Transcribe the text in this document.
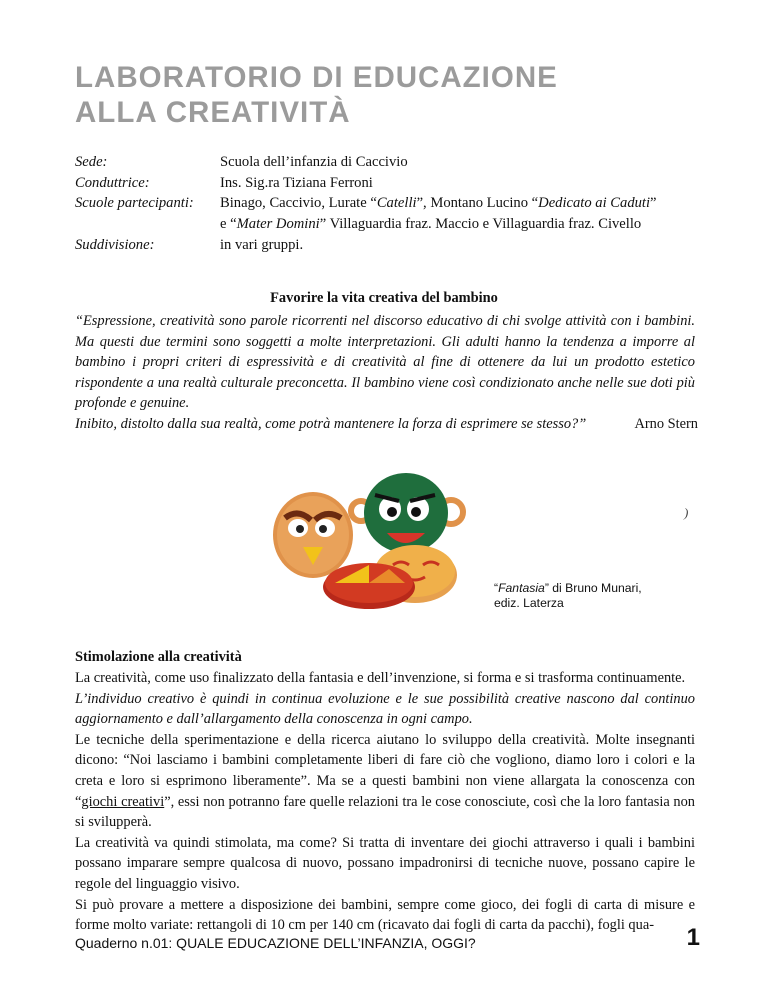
LABORATORIO DI EDUCAZIONE
ALLA CREATIVITÀ
Sede:	Scuola dell’infanzia di Caccivio
Conduttrice:	Ins. Sig.ra Tiziana Ferroni
Scuole partecipanti:	Binago, Caccivio, Lurate “Catelli”, Montano Lucino “Dedicato ai Caduti”
e “Mater Domini” Villaguardia fraz. Maccio e Villaguardia fraz. Civello
Suddivisione:	in vari gruppi.
Favorire la vita creativa del bambino

“Espressione, creatività sono parole ricorrenti nel discorso educativo di chi svolge attività con i bambini. Ma questi due termini sono soggetti a molte interpretazioni. Gli adulti hanno la tendenza a imporre al bambino i propri criteri di espressività e di creatività al fine di ottenere da lui un prodotto estetico rispondente a una realtà culturale preconcetta. Il bambino viene così condizionato anche nelle sue doti più profonde e genuine.

Inibito, distolto dalla sua realtà, come potrà mantenere la forza di esprimere se stesso?”	Arno Stern
)
“Fantasia” di Bruno Munari,
ediz. Laterza
Stimolazione alla creatività

La creatività, come uso finalizzato della fantasia e dell’invenzione, si forma e si trasforma continuamente.

L’individuo creativo è quindi in continua evoluzione e le sue possibilità creative nascono dal continuo aggiornamento e dall’allargamento della conoscenza in ogni campo.

Le tecniche della sperimentazione e della ricerca aiutano lo sviluppo della creatività. Molte insegnanti dicono: “Noi lasciamo i bambini completamente liberi di fare ciò che vogliono, diamo loro i colori e la creta e loro si esprimono liberamente”. Ma se a questi bambini non viene allargata la conoscenza con “giochi creativi”, essi non potranno fare quelle relazioni tra le cose conosciute, così che la loro fantasia non si svilupperà.

La creatività va quindi stimolata, ma come? Si tratta di inventare dei giochi attraverso i quali i bambini possano imparare sempre qualcosa di nuovo, possano impadronirsi di tecniche nuove, possano capire le regole del linguaggio visivo.

Si può provare a mettere a disposizione dei bambini, sempre come gioco, dei fogli di carta di misure e forme molto variate: rettangoli di 10 cm per 140 cm (ricavato dai fogli di carta da pacchi), fogli qua-

Quaderno n.01: QUALE EDUCAZIONE DELL’INFANZIA, OGGI?	1
